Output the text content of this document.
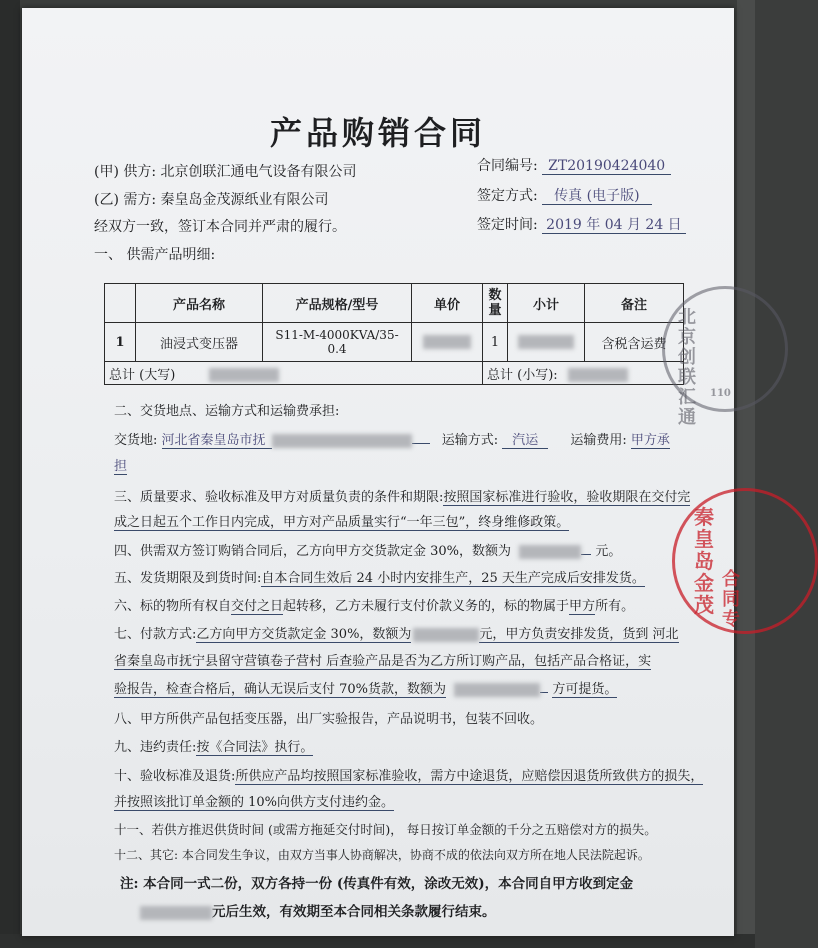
产品购销合同
(甲) 供方: 北京创联汇通电气设备有限公司
(乙) 需方: 秦皇岛金茂源纸业有限公司
经双方一致，签订本合同并严肃的履行。
合同编号: ZT20190424040
签定方式: 传真 (电子版)
签定时间: 2019 年 04 月 24 日
一、 供需产品明细:
	产品名称	产品规格/型号	单价	数量	小计	备注
1	油浸式变压器	S11-M-4000KVA/35-0.4		1		含税含运费
总计 (大写)				总计 (小写):		
二、交货地点、运输方式和运输费承担:
交货地: 河北省秦皇岛市抚	运输方式: 汽运 运输费用: 甲方承
担
三、质量要求、验收标准及甲方对质量负责的条件和期限:按照国家标准进行验收，验收期限在交付完
成之日起五个工作日内完成，甲方对产品质量实行“一年三包”，终身维修政策。
四、供需双方签订购销合同后，乙方向甲方交货款定金 30%，数额为	元。
五、发货期限及到货时间:自本合同生效后 24 小时内安排生产，25 天生产完成后安排发货。
六、标的物所有权自交付之日起转移，乙方未履行支付价款义务的，标的物属于甲方所有。
七、付款方式:乙方向甲方交货款定金 30%，数额为	元，甲方负责安排发货，货到 河北
省秦皇岛市抚宁县留守营镇卷子营村 后查验产品是否为乙方所订购产品，包括产品合格证，实
验报告，检查合格后，确认无误后支付 70%货款，数额为	方可提货。
八、甲方所供产品包括变压器，出厂实验报告，产品说明书，包装不回收。
九、违约责任:按《合同法》执行。
十、验收标准及退货:所供应产品均按照国家标准验收，需方中途退货，应赔偿因退货所致供方的损失，
并按照该批订单金额的 10%向供方支付违约金。
十一、若供方推迟供货时间 (或需方拖延交付时间)， 每日按订单金额的千分之五赔偿对方的损失。
十二、其它: 本合同发生争议，由双方当事人协商解决，协商不成的依法向双方所在地人民法院起诉。
注: 本合同一式二份，双方各持一份 (传真件有效，涂改无效)，本合同自甲方收到定金
元后生效，有效期至本合同相关条款履行结束。
北京创联汇通
110
秦皇岛金茂
合同专
